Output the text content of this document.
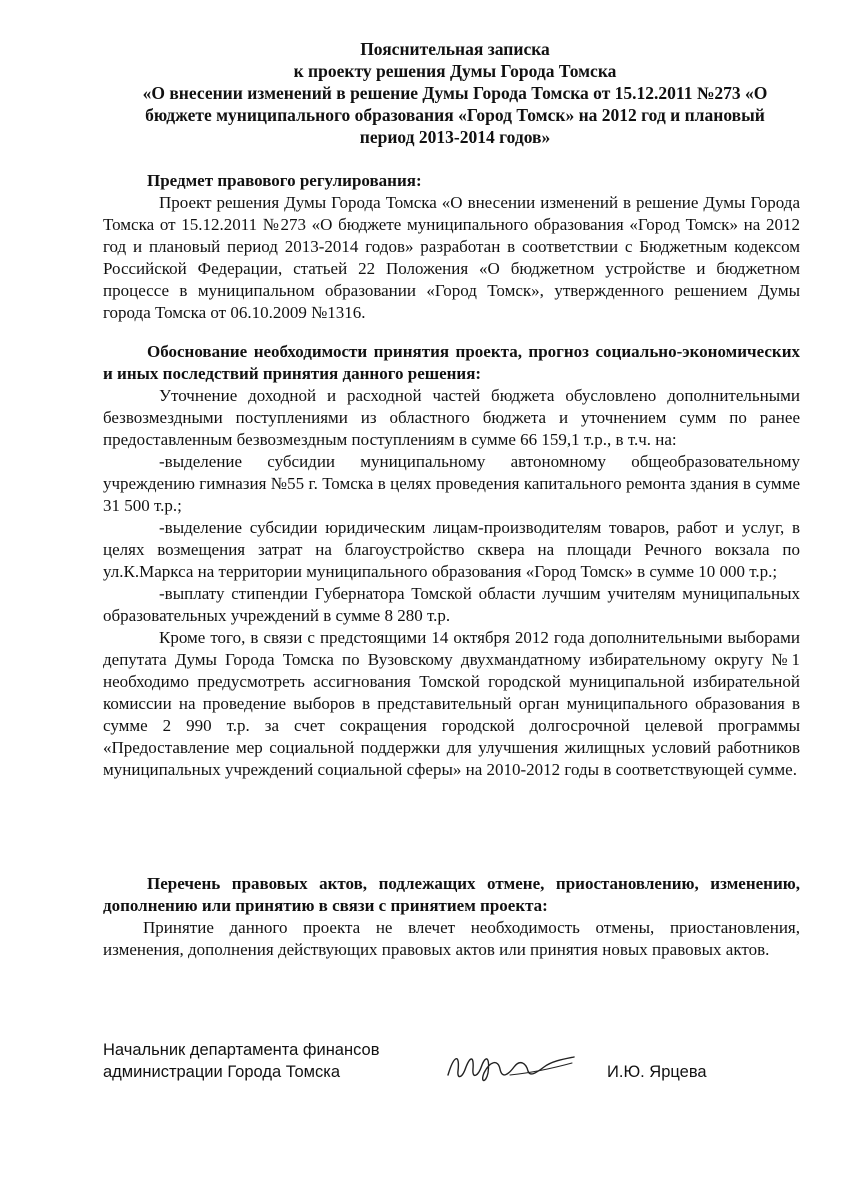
Пояснительная записка
к проекту решения Думы Города Томска
«О внесении изменений в решение Думы Города Томска от 15.12.2011 №273 «О
бюджете муниципального образования «Город Томск» на 2012 год и плановый
период 2013-2014 годов»

Предмет правового регулирования:

Проект решения Думы Города Томска «О внесении изменений в решение Думы Города Томска от 15.12.2011 №273 «О бюджете муниципального образования «Город Томск» на 2012 год и плановый период 2013-2014 годов» разработан в соответствии с Бюджетным кодексом Российской Федерации, статьей 22 Положения «О бюджетном устройстве и бюджетном процессе в муниципальном образовании «Город Томск», утвержденного решением Думы города Томска от 06.10.2009 №1316.

Обоснование необходимости принятия проекта, прогноз социально-экономических и иных последствий принятия данного решения:

Уточнение доходной и расходной частей бюджета обусловлено дополнительными безвозмездными поступлениями из областного бюджета и уточнением сумм по ранее предоставленным безвозмездным поступлениям в сумме 66 159,1 т.р., в т.ч. на:

-выделение субсидии муниципальному автономному общеобразовательному учреждению гимназия №55 г. Томска в целях проведения капитального ремонта здания в сумме 31 500 т.р.;

-выделение субсидии юридическим лицам-производителям товаров, работ и услуг, в целях возмещения затрат на благоустройство сквера на площади Речного вокзала по ул.К.Маркса на территории муниципального образования «Город Томск» в сумме 10 000 т.р.;

-выплату стипендии Губернатора Томской области лучшим учителям муниципальных образовательных учреждений в сумме 8 280 т.р.

Кроме того, в связи с предстоящими 14 октября 2012 года дополнительными выборами депутата Думы Города Томска по Вузовскому двухмандатному избирательному округу №1 необходимо предусмотреть ассигнования Томской городской муниципальной избирательной комиссии на проведение выборов в представительный орган муниципального образования в сумме 2 990 т.р. за счет сокращения городской долгосрочной целевой программы «Предоставление мер социальной поддержки для улучшения жилищных условий работников муниципальных учреждений социальной сферы» на 2010-2012 годы в соответствующей сумме.

Перечень правовых актов, подлежащих отмене, приостановлению, изменению, дополнению или принятию в связи с принятием проекта:

Принятие данного проекта не влечет необходимость отмены, приостановления, изменения, дополнения действующих правовых актов или принятия новых правовых актов.

Начальник департамента финансов
администрации Города Томска	И.Ю. Ярцева
